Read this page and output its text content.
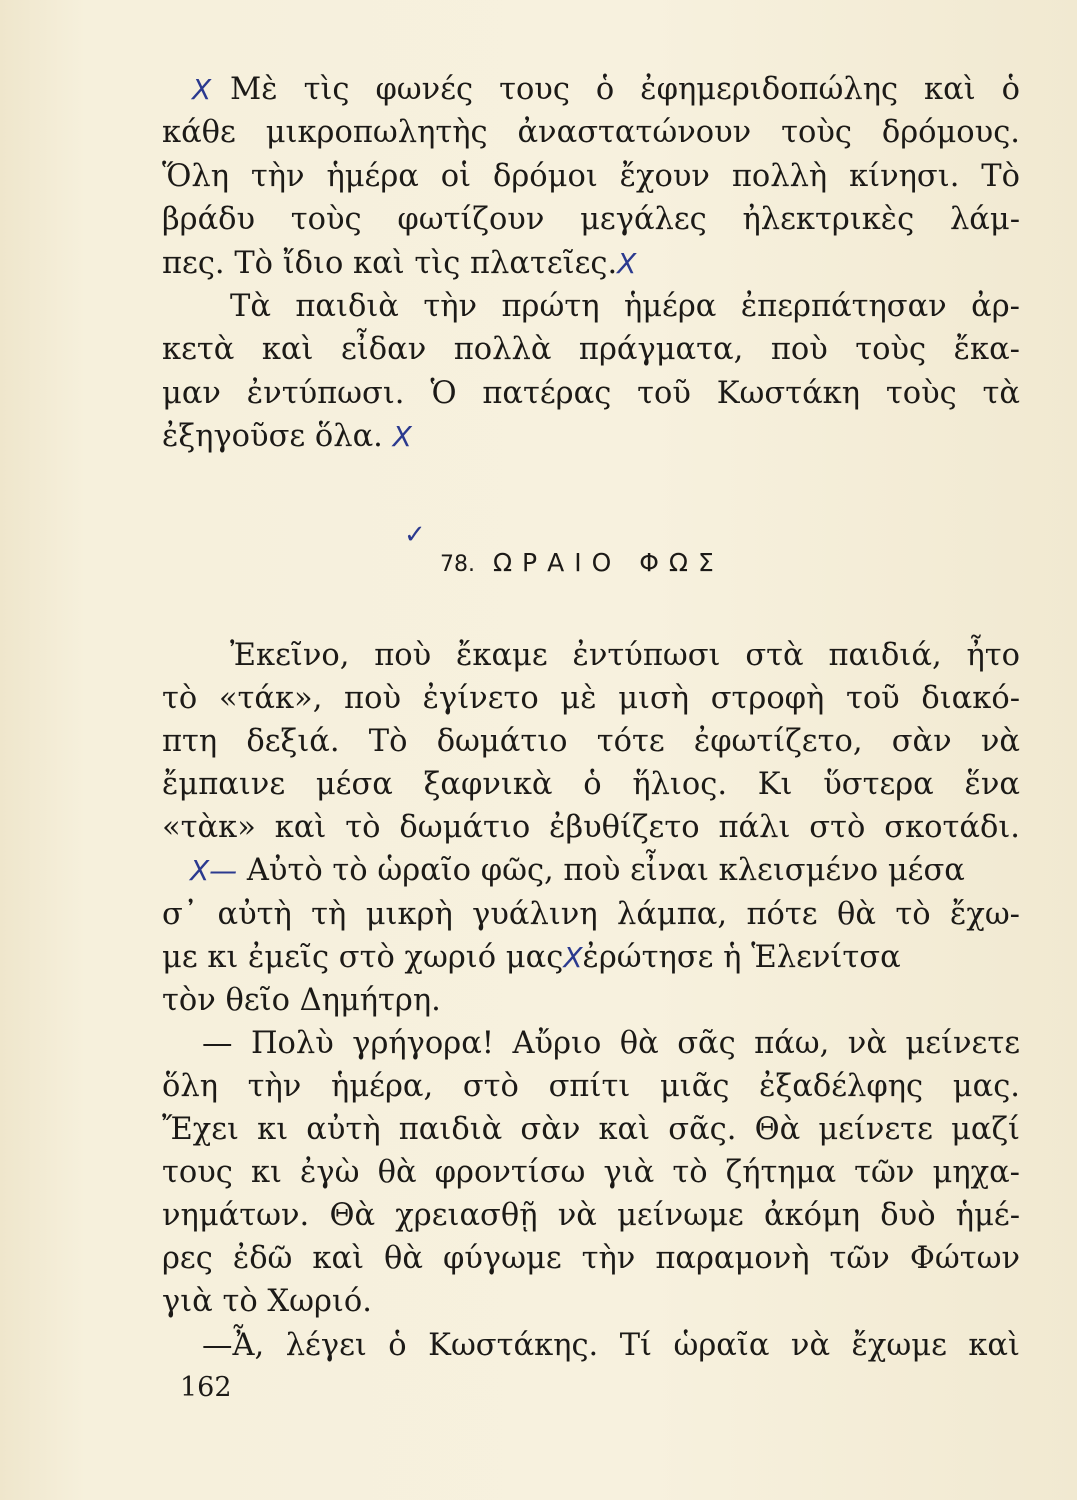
X Μὲ τὶς φωνές τους ὁ ἐφημεριδοπώλης καὶ ὁ
κάθε μικροπωλητὴς ἀναστατώνουν τοὺς δρόμους.
Ὅλη τὴν ἡμέρα οἱ δρόμοι ἔχουν πολλὴ κίνησι. Τὸ
βράδυ τοὺς φωτίζουν μεγάλες ἠλεκτρικὲς λάμ-
πες. Τὸ ἴδιο καὶ τὶς πλατεῖες.X
Τὰ παιδιὰ τὴν πρώτη ἡμέρα ἐπερπάτησαν ἀρ-
κετὰ καὶ εἶδαν πολλὰ πράγματα, ποὺ τοὺς ἔκα-
μαν ἐντύπωσι. Ὁ πατέρας τοῦ Κωστάκη τοὺς τὰ
ἐξηγοῦσε ὅλα. X
✓
78. ΩΡΑΙΟ ΦΩΣ
Ἐκεῖνο, ποὺ ἔκαμε ἐντύπωσι στὰ παιδιά, ἦτο
τὸ «τάκ», ποὺ ἐγίνετο μὲ μισὴ στροφὴ τοῦ διακό-
πτη δεξιά. Τὸ δωμάτιο τότε ἐφωτίζετο, σὰν νὰ
ἔμπαινε μέσα ξαφνικὰ ὁ ἥλιος. Κι ὕστερα ἕνα
«τὰκ» καὶ τὸ δωμάτιο ἐβυθίζετο πάλι στὸ σκοτάδι.
X— Αὐτὸ τὸ ὡραῖο φῶς, ποὺ εἶναι κλεισμένο μέσα
σ᾽ αὐτὴ τὴ μικρὴ γυάλινη λάμπα, πότε θὰ τὸ ἔχω-
με κι ἐμεῖς στὸ χωριό μαςXἐρώτησε ἡ Ἑλενίτσα
τὸν θεῖο Δημήτρη.
— Πολὺ γρήγορα! Αὔριο θὰ σᾶς πάω, νὰ μείνετε
ὅλη τὴν ἡμέρα, στὸ σπίτι μιᾶς ἐξαδέλφης μας.
Ἔχει κι αὐτὴ παιδιὰ σὰν καὶ σᾶς. Θὰ μείνετε μαζί
τους κι ἐγὼ θὰ φροντίσω γιὰ τὸ ζήτημα τῶν μηχα-
νημάτων. Θὰ χρειασθῇ νὰ μείνωμε ἀκόμη δυὸ ἡμέ-
ρες ἐδῶ καὶ θὰ φύγωμε τὴν παραμονὴ τῶν Φώτων
γιὰ τὸ Χωριό.
—Ἆ, λέγει ὁ Κωστάκης. Τί ὡραῖα νὰ ἔχωμε καὶ
162
